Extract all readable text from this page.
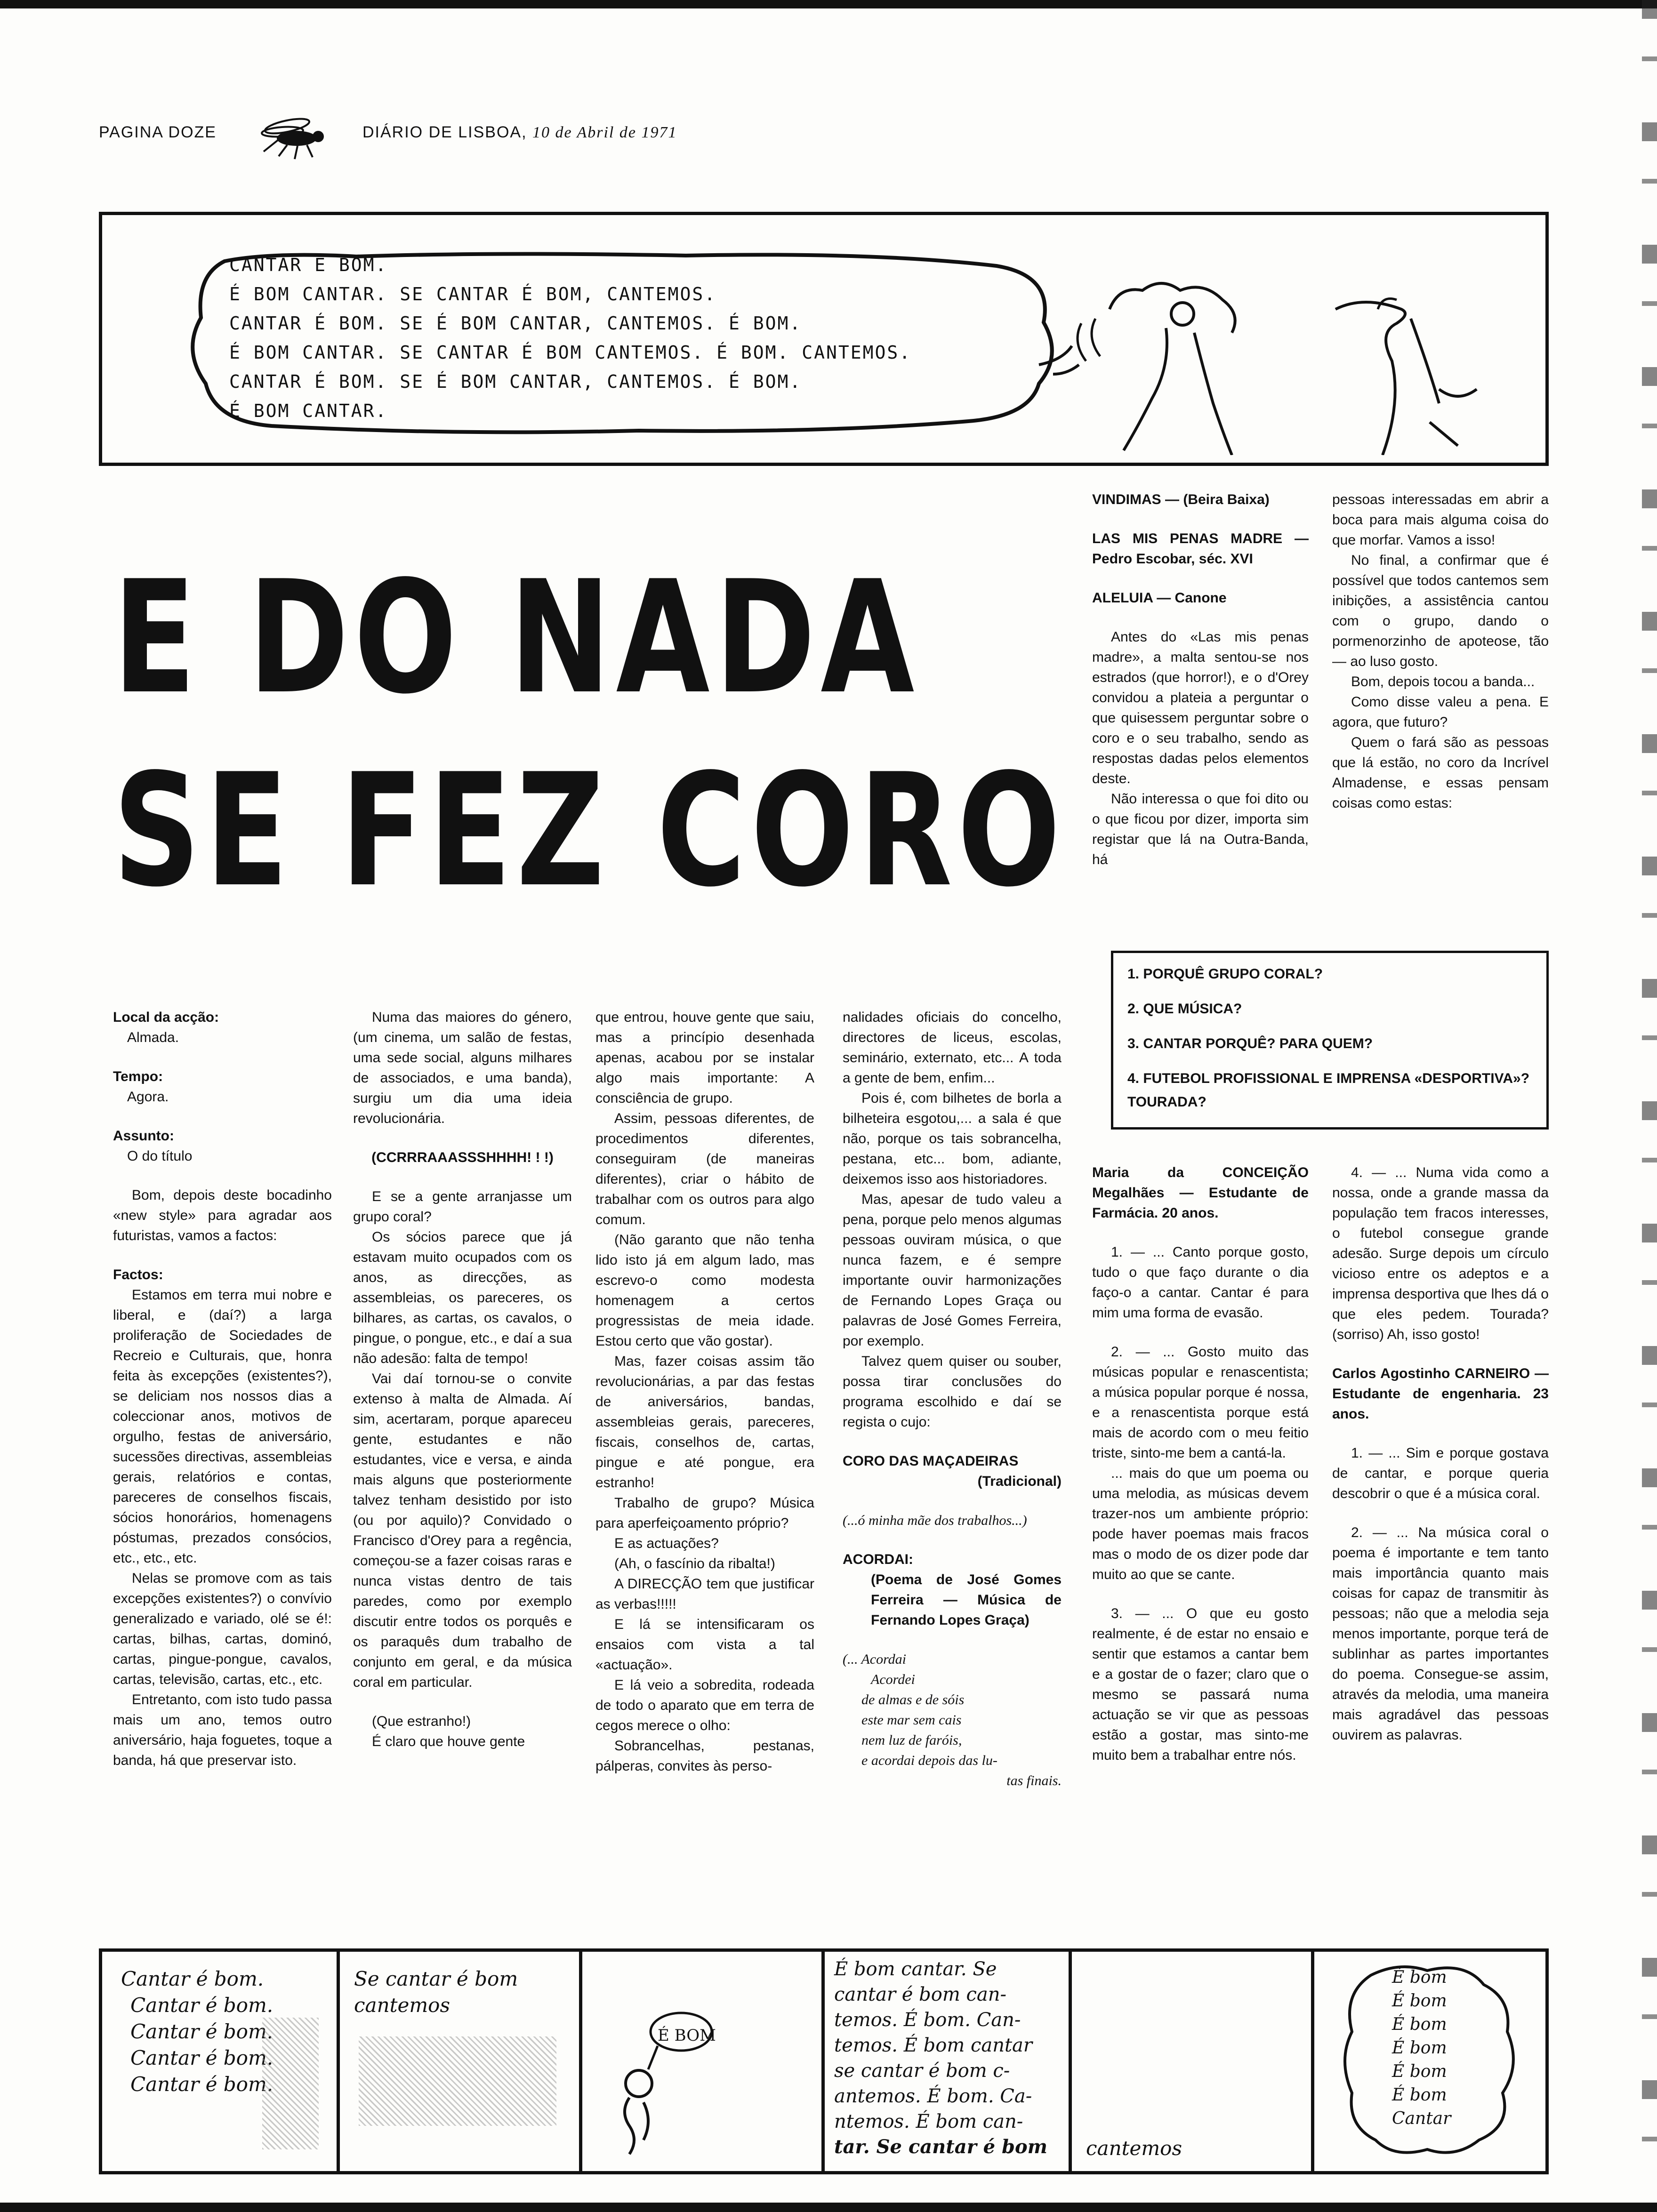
PAGINA DOZE	DIÁRIO DE LISBOA, 10 de Abril de 1971
CANTAR É BOM.
É BOM CANTAR. SE CANTAR É BOM, CANTEMOS.
CANTAR É BOM. SE É BOM CANTAR, CANTEMOS. É BOM.
É BOM CANTAR. SE CANTAR É BOM CANTEMOS. É BOM. CANTEMOS.
CANTAR É BOM. SE É BOM CANTAR, CANTEMOS. É BOM.
É BOM CANTAR.
E DO NADA
SE FEZ CORO

Local da acção:

Almada.

Tempo:

Agora.

Assunto:

O do título

Bom, depois deste bocadinho «new style» para agradar aos futuristas, vamos a factos:

Factos:

Estamos em terra mui nobre e liberal, e (daí?) a larga proliferação de Sociedades de Recreio e Culturais, que, honra feita às excepções (existentes?), se deliciam nos nossos dias a coleccionar anos, motivos de orgulho, festas de aniversário, sucessões directivas, assembleias gerais, relatórios e contas, pareceres de conselhos fiscais, sócios honorários, homenagens póstumas, prezados consócios, etc., etc., etc.

Nelas se promove com as tais excepções existentes?) o convívio generalizado e variado, olé se é!: cartas, bilhas, cartas, dominó, cartas, pingue-pongue, cavalos, cartas, televisão, cartas, etc., etc.

Entretanto, com isto tudo passa mais um ano, temos outro aniversário, haja foguetes, toque a banda, há que preservar isto.

Numa das maiores do género, (um cinema, um salão de festas, uma sede social, alguns milhares de associados, e uma banda), surgiu um dia uma ideia revolucionária.

(CCRRRAAASSSHHHH! ! !)

E se a gente arranjasse um grupo coral?

Os sócios parece que já estavam muito ocupados com os anos, as direcções, as assembleias, os pareceres, os bilhares, as cartas, os cavalos, o pingue, o pongue, etc., e daí a sua não adesão: falta de tempo!

Vai daí tornou-se o convite extenso à malta de Almada. Aí sim, acertaram, porque apareceu gente, estudantes e não estudantes, vice e versa, e ainda mais alguns que posteriormente talvez tenham desistido por isto (ou por aquilo)? Convidado o Francisco d'Orey para a regência, começou-se a fazer coisas raras e nunca vistas dentro de tais paredes, como por exemplo discutir entre todos os porquês e os paraquês dum trabalho de conjunto em geral, e da música coral em particular.

(Que estranho!)

É claro que houve gente

que entrou, houve gente que saiu, mas a princípio desenhada apenas, acabou por se instalar algo mais importante: A consciência de grupo.

Assim, pessoas diferentes, de procedimentos diferentes, conseguiram (de maneiras diferentes), criar o hábito de trabalhar com os outros para algo comum.

(Não garanto que não tenha lido isto já em algum lado, mas escrevo-o como modesta homenagem a certos progressistas de meia idade. Estou certo que vão gostar).

Mas, fazer coisas assim tão revolucionárias, a par das festas de aniversários, bandas, assembleias gerais, pareceres, fiscais, conselhos de, cartas, pingue e até pongue, era estranho!

Trabalho de grupo? Música para aperfeiçoamento próprio?

E as actuações?

(Ah, o fascínio da ribalta!)

A DIRECÇÃO tem que justificar as verbas!!!!!

E lá se intensificaram os ensaios com vista a tal «actuação».

E lá veio a sobredita, rodeada de todo o aparato que em terra de cegos merece o olho:

Sobrancelhas, pestanas, pálperas, convites às perso-

nalidades oficiais do concelho, directores de liceus, escolas, seminário, externato, etc... A toda a gente de bem, enfim...

Pois é, com bilhetes de borla a bilheteira esgotou,... a sala é que não, porque os tais sobrancelha, pestana, etc... bom, adiante, deixemos isso aos historiadores.

Mas, apesar de tudo valeu a pena, porque pelo menos algumas pessoas ouviram música, o que nunca fazem, e é sempre importante ouvir harmonizações de Fernando Lopes Graça ou palavras de José Gomes Ferreira, por exemplo.

Talvez quem quiser ou souber, possa tirar conclusões do programa escolhido e daí se regista o cujo:

CORO DAS MAÇADEIRAS

(Tradicional)

(...ó minha mãe dos trabalhos...)

ACORDAI:

(Poema de José Gomes Ferreira — Música de Fernando Lopes Graça)

(... Acordai

Acordei

de almas e de sóis

este mar sem cais

nem luz de faróis,

e acordai depois das lu-

tas finais.

VINDIMAS — (Beira Baixa)

LAS MIS PENAS MADRE — Pedro Escobar, séc. XVI

ALELUIA — Canone

Antes do «Las mis penas madre», a malta sentou-se nos estrados (que horror!), e o d'Orey convidou a plateia a perguntar o que quisessem perguntar sobre o coro e o seu trabalho, sendo as respostas dadas pelos elementos deste.

Não interessa o que foi dito ou o que ficou por dizer, importa sim registar que lá na Outra-Banda, há

pessoas interessadas em abrir a boca para mais alguma coisa do que morfar. Vamos a isso!

No final, a confirmar que é possível que todos cantemos sem inibições, a assistência cantou com o grupo, dando o pormenorzinho de apoteose, tão — ao luso gosto.

Bom, depois tocou a banda...

Como disse valeu a pena. E agora, que futuro?

Quem o fará são as pessoas que lá estão, no coro da Incrível Almadense, e essas pensam coisas como estas:

1. PORQUÊ GRUPO CORAL?
2. QUE MÚSICA?
3. CANTAR PORQUÊ? PARA QUEM?
4. FUTEBOL PROFISSIONAL E IMPRENSA «DESPORTIVA»? TOURADA?

Maria da CONCEIÇÃO Megalhães — Estudante de Farmácia. 20 anos.

1. — ... Canto porque gosto, tudo o que faço durante o dia faço-o a cantar. Cantar é para mim uma forma de evasão.

2. — ... Gosto muito das músicas popular e renascentista; a música popular porque é nossa, e a renascentista porque está mais de acordo com o meu feitio triste, sinto-me bem a cantá-la.

... mais do que um poema ou uma melodia, as músicas devem trazer-nos um ambiente próprio: pode haver poemas mais fracos mas o modo de os dizer pode dar muito ao que se cante.

3. — ... O que eu gosto realmente, é de estar no ensaio e sentir que estamos a cantar bem e a gostar de o fazer; claro que o mesmo se passará numa actuação se vir que as pessoas estão a gostar, mas sinto-me muito bem a trabalhar entre nós.

4. — ... Numa vida como a nossa, onde a grande massa da população tem fracos interesses, o futebol consegue grande adesão. Surge depois um círculo vicioso entre os adeptos e a imprensa desportiva que lhes dá o que eles pedem. Tourada? (sorriso) Ah, isso gosto!

Carlos Agostinho CARNEIRO — Estudante de engenharia. 23 anos.

1. — ... Sim e porque gostava de cantar, e porque queria descobrir o que é a música coral.

2. — ... Na música coral o poema é importante e tem tanto mais importância quanto mais coisas for capaz de transmitir às pessoas; não que a melodia seja menos importante, porque terá de sublinhar as partes importantes do poema. Consegue-se assim, através da melodia, uma maneira mais agradável das pessoas ouvirem as palavras.

Cantar é bom.
Cantar é bom.
Cantar é bom.
Cantar é bom.
Cantar é bom.
Se cantar é bom
cantemos
É BOM
É bom cantar. Se
cantar é bom can-
temos. É bom. Can-
temos. É bom cantar
se cantar é bom c-
antemos. É bom. Ca-
ntemos. É bom can-
tar. Se cantar é bom cantemos
É bom
É bom
É bom
É bom
É bom
É bom
Cantar
